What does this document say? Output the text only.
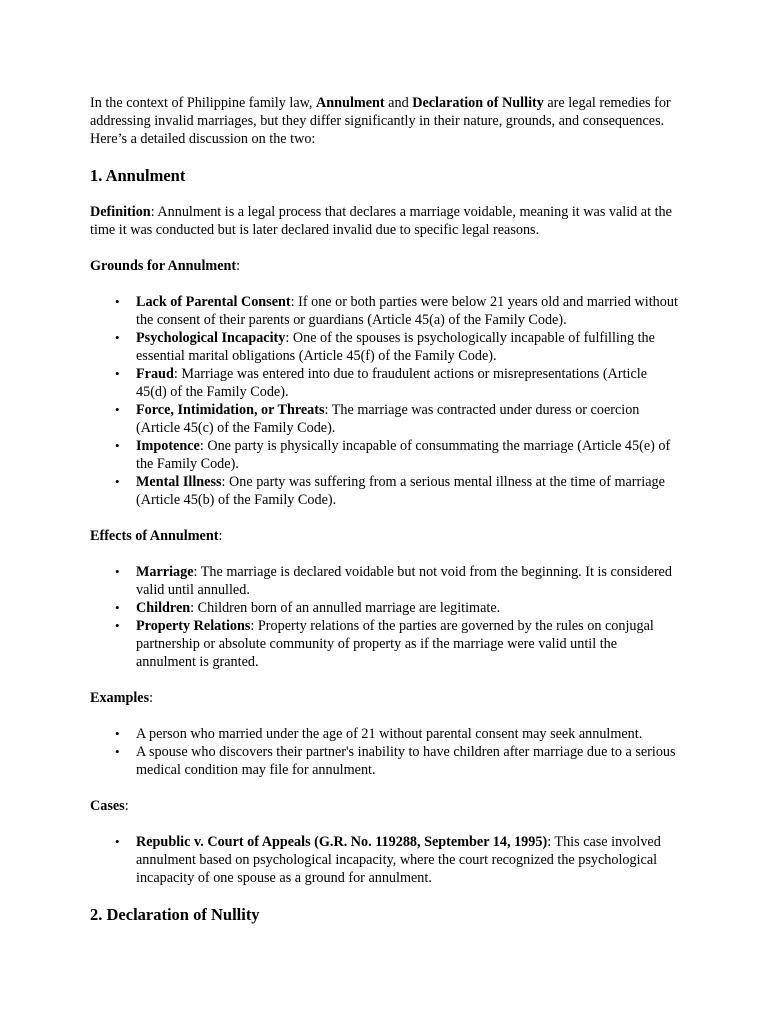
In the context of Philippine family law, Annulment and Declaration of Nullity are legal remedies for addressing invalid marriages, but they differ significantly in their nature, grounds, and consequences. Here’s a detailed discussion on the two:

1. Annulment

Definition: Annulment is a legal process that declares a marriage voidable, meaning it was valid at the time it was conducted but is later declared invalid due to specific legal reasons.

Grounds for Annulment:

• Lack of Parental Consent: If one or both parties were below 21 years old and married without the consent of their parents or guardians (Article 45(a) of the Family Code).
• Psychological Incapacity: One of the spouses is psychologically incapable of fulfilling the essential marital obligations (Article 45(f) of the Family Code).
• Fraud: Marriage was entered into due to fraudulent actions or misrepresentations (Article 45(d) of the Family Code).
• Force, Intimidation, or Threats: The marriage was contracted under duress or coercion (Article 45(c) of the Family Code).
• Impotence: One party is physically incapable of consummating the marriage (Article 45(e) of the Family Code).
• Mental Illness: One party was suffering from a serious mental illness at the time of marriage (Article 45(b) of the Family Code).

Effects of Annulment:

• Marriage: The marriage is declared voidable but not void from the beginning. It is considered valid until annulled.
• Children: Children born of an annulled marriage are legitimate.
• Property Relations: Property relations of the parties are governed by the rules on conjugal partnership or absolute community of property as if the marriage were valid until the annulment is granted.

Examples:

• A person who married under the age of 21 without parental consent may seek annulment.
• A spouse who discovers their partner's inability to have children after marriage due to a serious medical condition may file for annulment.

Cases:

• Republic v. Court of Appeals (G.R. No. 119288, September 14, 1995): This case involved annulment based on psychological incapacity, where the court recognized the psychological incapacity of one spouse as a ground for annulment.
2. Declaration of Nullity
